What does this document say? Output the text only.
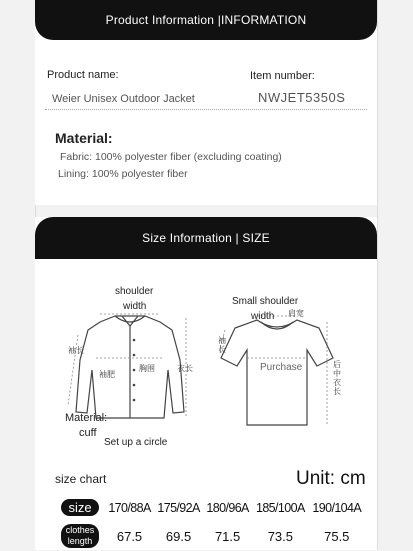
Product Information |INFORMATION
Product name:
Weier Unisex Outdoor Jacket
Item number:
NWJET5350S
Material:
Fabric: 100% polyester fiber (excluding coating)
Lining: 100% polyester fiber
Size Information | SIZE
shoulder
width
袖长
胸围	衣长
袖肥
Material:
cuff
Set up a circle
Small shoulder
width 肩宽
袖长
Purchase	后中衣长
size chart	Unit: cm
size	170/88A	175/92A	180/96A	185/100A	190/104A
clothes
length	67.5	69.5	71.5	73.5	75.5
